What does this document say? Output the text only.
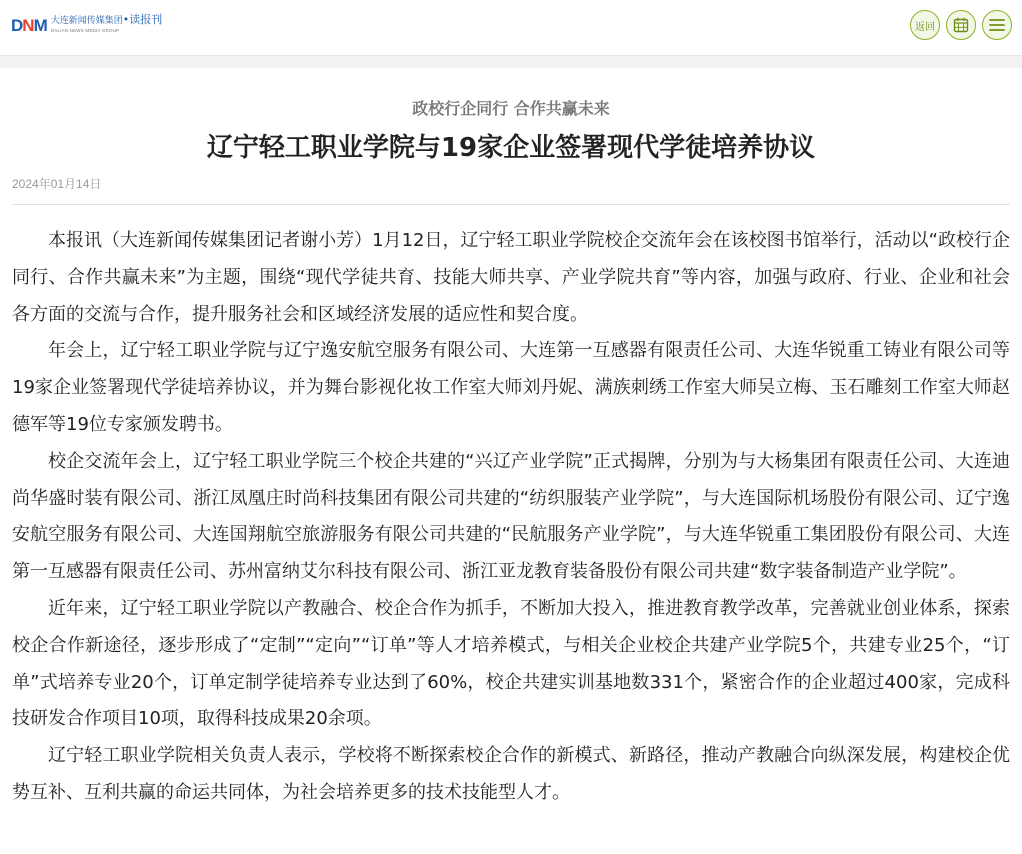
DNM 大连新闻传媒集团•读报刊
DALIAN NEWS MEDIA GROUP	返回
政校行企同行 合作共赢未来
辽宁轻工职业学院与19家企业签署现代学徒培养协议
2024年01月14日

本报讯（大连新闻传媒集团记者谢小芳）1月12日，辽宁轻工职业学院校企交流年会在该校图书馆举行，活动以“政校行企同行、合作共赢未来”为主题，围绕“现代学徒共育、技能大师共享、产业学院共育”等内容，加强与政府、行业、企业和社会各方面的交流与合作，提升服务社会和区域经济发展的适应性和契合度。

年会上，辽宁轻工职业学院与辽宁逸安航空服务有限公司、大连第一互感器有限责任公司、大连华锐重工铸业有限公司等19家企业签署现代学徒培养协议，并为舞台影视化妆工作室大师刘丹妮、满族刺绣工作室大师吴立梅、玉石雕刻工作室大师赵德军等19位专家颁发聘书。

校企交流年会上，辽宁轻工职业学院三个校企共建的“兴辽产业学院”正式揭牌，分别为与大杨集团有限责任公司、大连迪尚华盛时装有限公司、浙江凤凰庄时尚科技集团有限公司共建的“纺织服装产业学院”，与大连国际机场股份有限公司、辽宁逸安航空服务有限公司、大连国翔航空旅游服务有限公司共建的“民航服务产业学院”，与大连华锐重工集团股份有限公司、大连第一互感器有限责任公司、苏州富纳艾尔科技有限公司、浙江亚龙教育装备股份有限公司共建“数字装备制造产业学院”。

近年来，辽宁轻工职业学院以产教融合、校企合作为抓手，不断加大投入，推进教育教学改革，完善就业创业体系，探索校企合作新途径，逐步形成了“定制”“定向”“订单”等人才培养模式，与相关企业校企共建产业学院5个，共建专业25个，“订单”式培养专业20个，订单定制学徒培养专业达到了60%，校企共建实训基地数331个，紧密合作的企业超过400家，完成科技研发合作项目10项，取得科技成果20余项。

辽宁轻工职业学院相关负责人表示，学校将不断探索校企合作的新模式、新路径，推动产教融合向纵深发展，构建校企优势互补、互利共赢的命运共同体，为社会培养更多的技术技能型人才。
